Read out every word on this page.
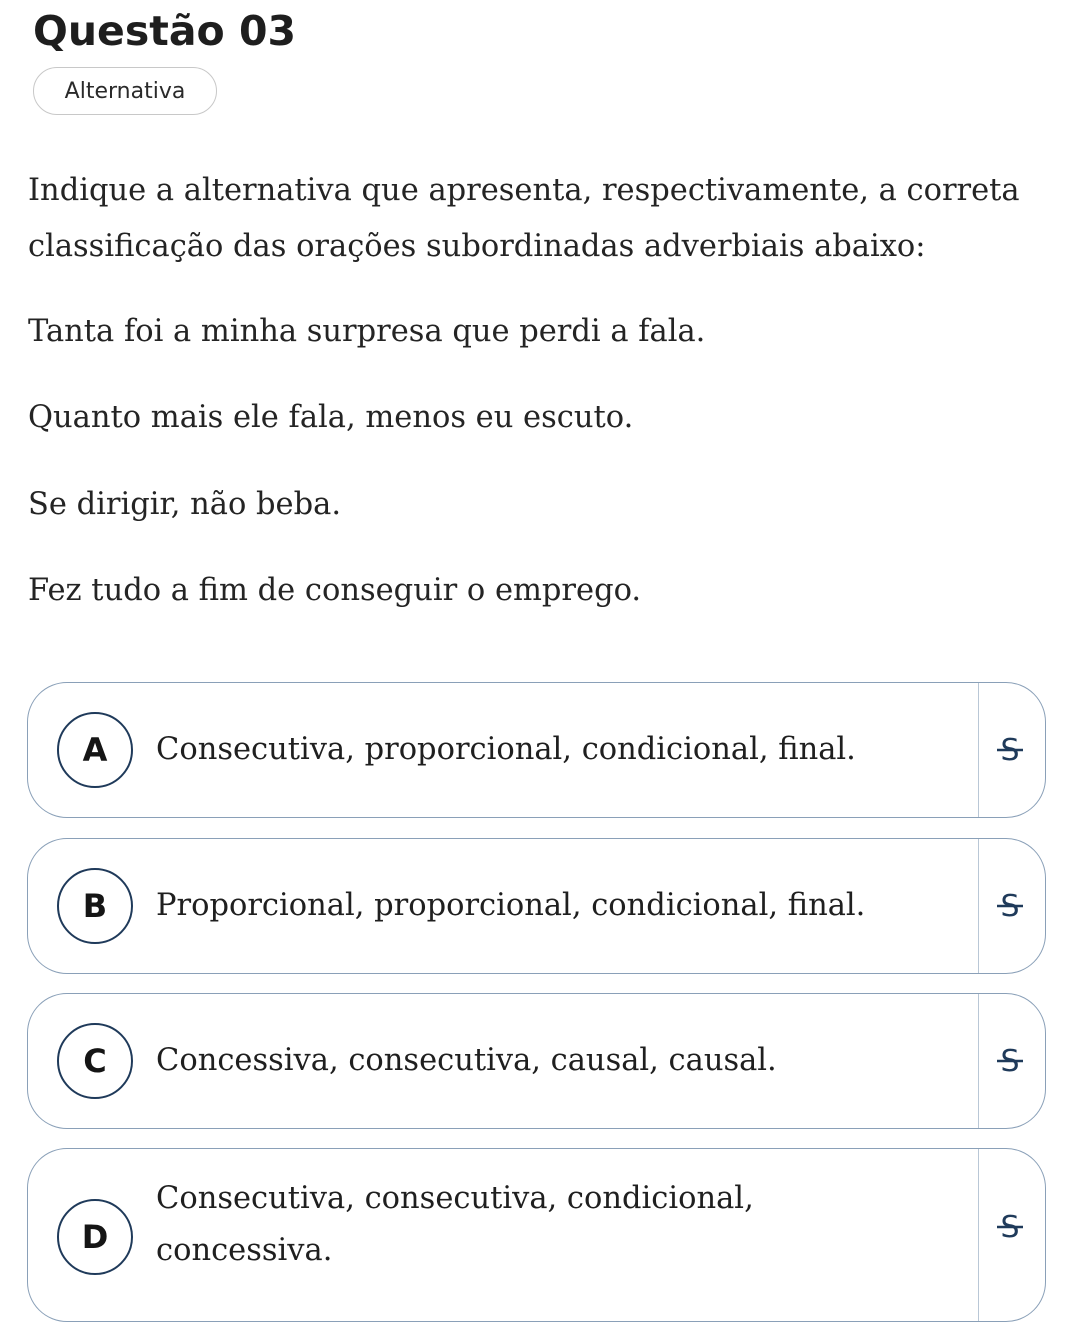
Questão 03
Alternativa
Indique a alternativa que apresenta, respectivamente, a correta
classificação das orações subordinadas adverbiais abaixo:
Tanta foi a minha surpresa que perdi a fala.
Quanto mais ele fala, menos eu escuto.
Se dirigir, não beba.
Fez tudo a fim de conseguir o emprego.
A	Consecutiva, proporcional, condicional, final.	S
B	Proporcional, proporcional, condicional, final.	S
C	Concessiva, consecutiva, causal, causal.	S
D
Consecutiva, consecutiva, condicional, concessiva.
S
